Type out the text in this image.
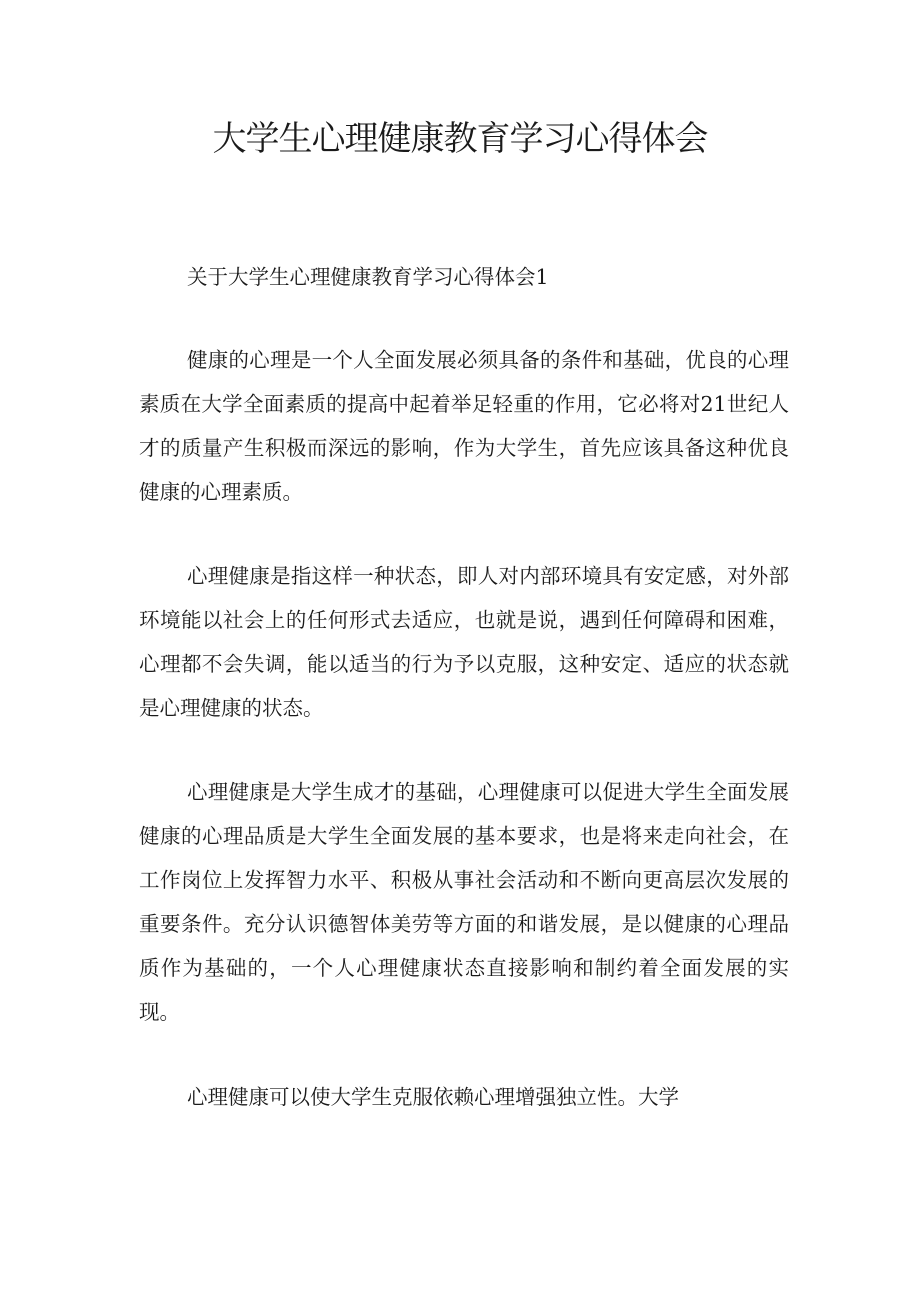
大学生心理健康教育学习心得体会

关于大学生心理健康教育学习心得体会1

健康的心理是一个人全面发展必须具备的条件和基础，优良的心理素质在大学全面素质的提高中起着举足轻重的作用，它必将对21世纪人才的质量产生积极而深远的影响，作为大学生，首先应该具备这种优良健康的心理素质。

心理健康是指这样一种状态，即人对内部环境具有安定感，对外部环境能以社会上的任何形式去适应，也就是说，遇到任何障碍和困难，心理都不会失调，能以适当的行为予以克服，这种安定、适应的状态就是心理健康的状态。

心理健康是大学生成才的基础，心理健康可以促进大学生全面发展健康的心理品质是大学生全面发展的基本要求，也是将来走向社会，在工作岗位上发挥智力水平、积极从事社会活动和不断向更高层次发展的重要条件。充分认识德智体美劳等方面的和谐发展，是以健康的心理品质作为基础的，一个人心理健康状态直接影响和制约着全面发展的实现。

心理健康可以使大学生克服依赖心理增强独立性。大学
